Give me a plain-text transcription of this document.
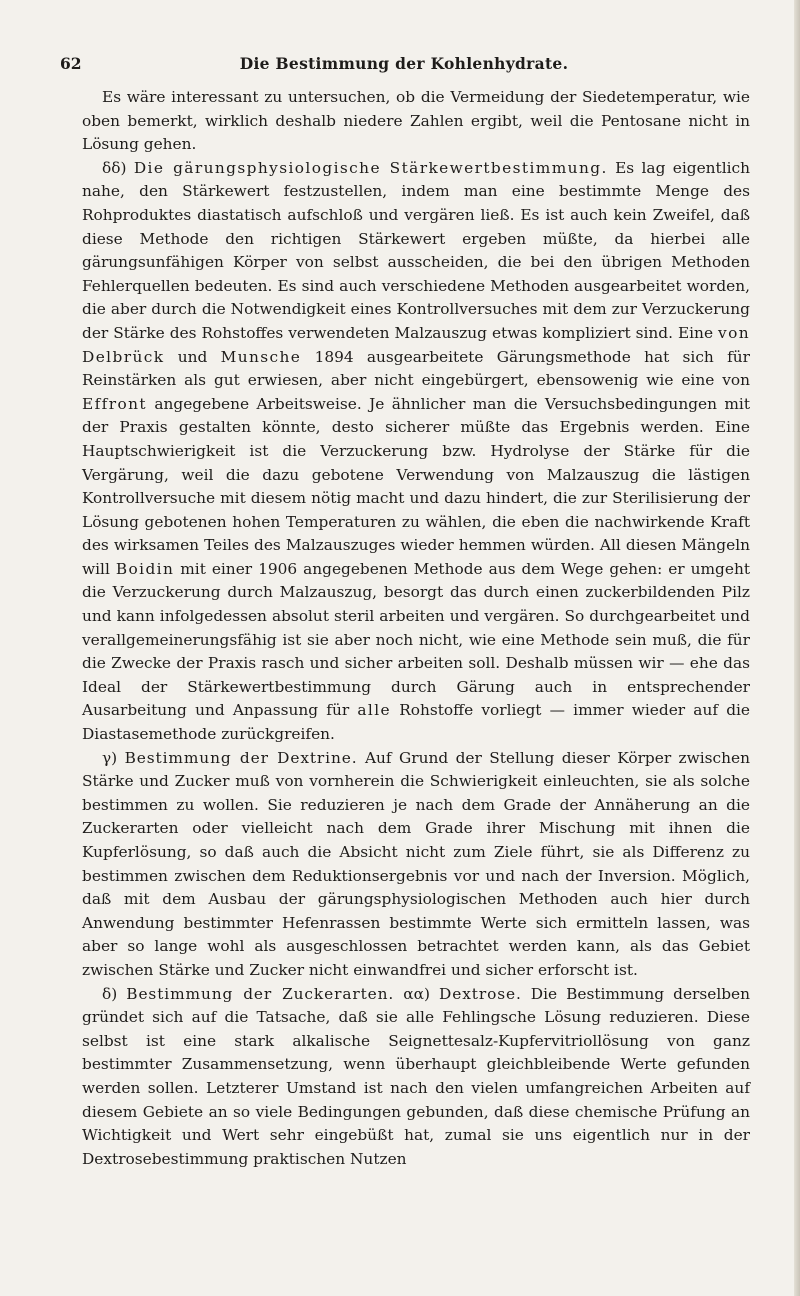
62	Die Bestimmung der Kohlenhydrate.

Es wäre interessant zu untersuchen, ob die Vermeidung der Siedetemperatur, wie oben bemerkt, wirklich deshalb niedere Zahlen ergibt, weil die Pentosane nicht in Lösung gehen.

δδ) Die gärungsphysiologische Stärkewertbestimmung. Es lag eigentlich nahe, den Stärkewert festzustellen, indem man eine bestimmte Menge des Rohproduktes diastatisch aufschloß und vergären ließ. Es ist auch kein Zweifel, daß diese Methode den richtigen Stärkewert ergeben müßte, da hierbei alle gärungsunfähigen Körper von selbst ausscheiden, die bei den übrigen Methoden Fehlerquellen bedeuten. Es sind auch verschiedene Methoden ausgearbeitet worden, die aber durch die Notwendigkeit eines Kontrollversuches mit dem zur Verzuckerung der Stärke des Rohstoffes verwendeten Malzauszug etwas kompliziert sind. Eine von Delbrück und Munsche 1894 ausgearbeitete Gärungsmethode hat sich für Reinstärken als gut erwiesen, aber nicht eingebürgert, ebensowenig wie eine von Effront angegebene Arbeitsweise. Je ähnlicher man die Versuchsbedingungen mit der Praxis gestalten könnte, desto sicherer müßte das Ergebnis werden. Eine Hauptschwierigkeit ist die Verzuckerung bzw. Hydrolyse der Stärke für die Vergärung, weil die dazu gebotene Verwendung von Malzauszug die lästigen Kontrollversuche mit diesem nötig macht und dazu hindert, die zur Sterilisierung der Lösung gebotenen hohen Temperaturen zu wählen, die eben die nachwirkende Kraft des wirksamen Teiles des Malzauszuges wieder hemmen würden. All diesen Mängeln will Boidin mit einer 1906 angegebenen Methode aus dem Wege gehen: er umgeht die Verzuckerung durch Malzauszug, besorgt das durch einen zuckerbildenden Pilz und kann infolgedessen absolut steril arbeiten und vergären. So durchgearbeitet und verallgemeinerungsfähig ist sie aber noch nicht, wie eine Methode sein muß, die für die Zwecke der Praxis rasch und sicher arbeiten soll. Deshalb müssen wir — ehe das Ideal der Stärkewertbestimmung durch Gärung auch in entsprechender Ausarbeitung und Anpassung für alle Rohstoffe vorliegt — immer wieder auf die Diastasemethode zurückgreifen.

γ) Bestimmung der Dextrine. Auf Grund der Stellung dieser Körper zwischen Stärke und Zucker muß von vornherein die Schwierigkeit einleuchten, sie als solche bestimmen zu wollen. Sie reduzieren je nach dem Grade der Annäherung an die Zuckerarten oder vielleicht nach dem Grade ihrer Mischung mit ihnen die Kupferlösung, so daß auch die Absicht nicht zum Ziele führt, sie als Differenz zu bestimmen zwischen dem Reduktionsergebnis vor und nach der Inversion. Möglich, daß mit dem Ausbau der gärungsphysiologischen Methoden auch hier durch Anwendung bestimmter Hefenrassen bestimmte Werte sich ermitteln lassen, was aber so lange wohl als ausgeschlossen betrachtet werden kann, als das Gebiet zwischen Stärke und Zucker nicht einwandfrei und sicher erforscht ist.

δ) Bestimmung der Zuckerarten. αα) Dextrose. Die Bestimmung derselben gründet sich auf die Tatsache, daß sie alle Fehlingsche Lösung reduzieren. Diese selbst ist eine stark alkalische Seignettesalz-Kupfervitriollösung von ganz bestimmter Zusammensetzung, wenn überhaupt gleichbleibende Werte gefunden werden sollen. Letzterer Umstand ist nach den vielen umfangreichen Arbeiten auf diesem Gebiete an so viele Bedingungen gebunden, daß diese chemische Prüfung an Wichtigkeit und Wert sehr eingebüßt hat, zumal sie uns eigentlich nur in der Dextrosebestimmung praktischen Nutzen
